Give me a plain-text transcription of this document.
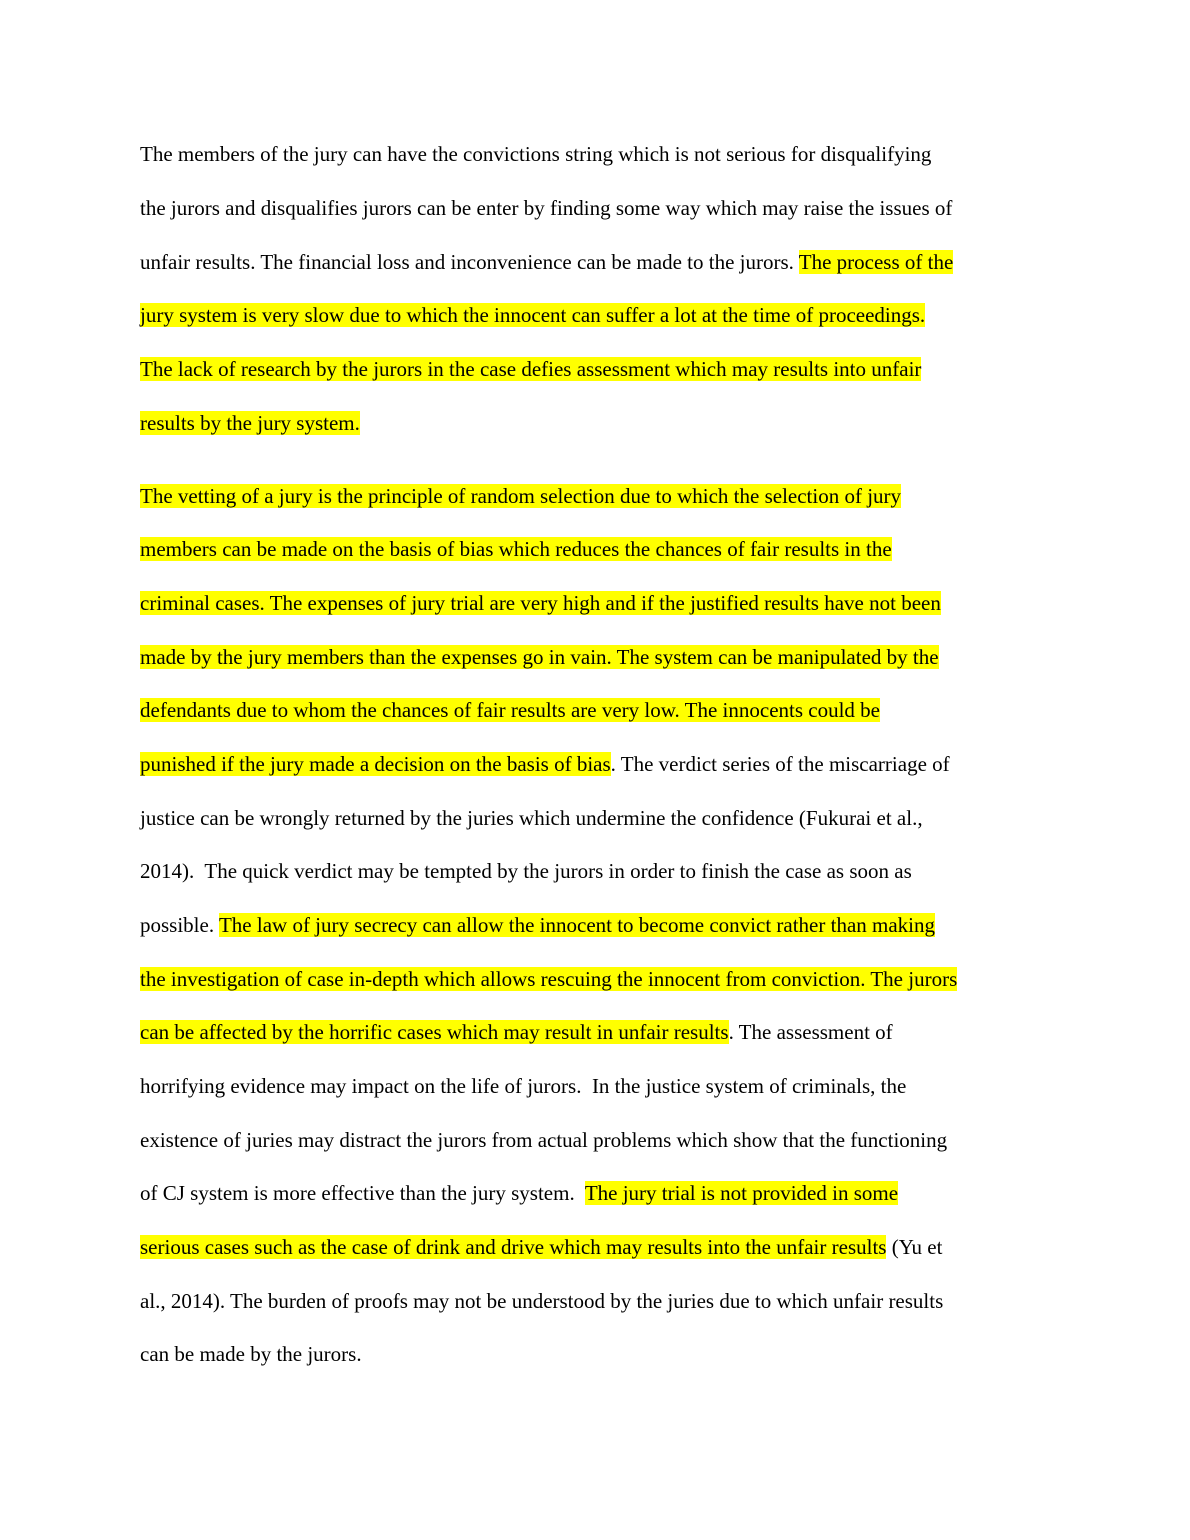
The members of the jury can have the convictions string which is not serious for disqualifying
the jurors and disqualifies jurors can be enter by finding some way which may raise the issues of
unfair results. The financial loss and inconvenience can be made to the jurors. The process of the
jury system is very slow due to which the innocent can suffer a lot at the time of proceedings.
The lack of research by the jurors in the case defies assessment which may results into unfair
results by the jury system.
The vetting of a jury is the principle of random selection due to which the selection of jury
members can be made on the basis of bias which reduces the chances of fair results in the
criminal cases. The expenses of jury trial are very high and if the justified results have not been
made by the jury members than the expenses go in vain. The system can be manipulated by the
defendants due to whom the chances of fair results are very low. The innocents could be
punished if the jury made a decision on the basis of bias. The verdict series of the miscarriage of
justice can be wrongly returned by the juries which undermine the confidence (Fukurai et al.,
2014).  The quick verdict may be tempted by the jurors in order to finish the case as soon as
possible. The law of jury secrecy can allow the innocent to become convict rather than making
the investigation of case in-depth which allows rescuing the innocent from conviction. The jurors
can be affected by the horrific cases which may result in unfair results. The assessment of
horrifying evidence may impact on the life of jurors.  In the justice system of criminals, the
existence of juries may distract the jurors from actual problems which show that the functioning
of CJ system is more effective than the jury system.  The jury trial is not provided in some
serious cases such as the case of drink and drive which may results into the unfair results (Yu et
al., 2014). The burden of proofs may not be understood by the juries due to which unfair results
can be made by the jurors.
